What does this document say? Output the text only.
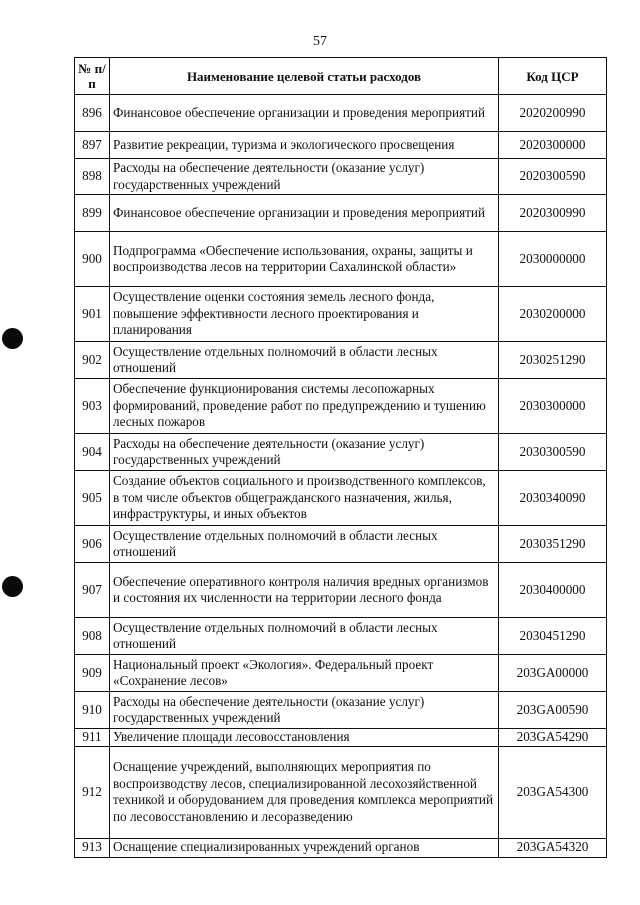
57
№ п/п	Наименование целевой статьи расходов	Код ЦСР
896	Финансовое обеспечение организации и проведения мероприятий	2020200990
897	Развитие рекреации, туризма и экологического просвещения	2020300000
898	Расходы на обеспечение деятельности (оказание услуг) государственных учреждений	2020300590
899	Финансовое обеспечение организации и проведения мероприятий	2020300990
900	Подпрограмма «Обеспечение использования, охраны, защиты и воспроизводства лесов на территории Сахалинской области»	2030000000
901	Осуществление оценки состояния земель лесного фонда, повышение эффективности лесного проектирования и планирования	2030200000
902	Осуществление отдельных полномочий в области лесных отношений	2030251290
903	Обеспечение функционирования системы лесопожарных формирований, проведение работ по предупреждению и тушению лесных пожаров	2030300000
904	Расходы на обеспечение деятельности (оказание услуг) государственных учреждений	2030300590
905	Создание объектов социального и производственного комплексов, в том числе объектов общегражданского назначения, жилья, инфраструктуры, и иных объектов	2030340090
906	Осуществление отдельных полномочий в области лесных отношений	2030351290
907	Обеспечение оперативного контроля наличия вредных организмов и состояния их численности на территории лесного фонда	2030400000
908	Осуществление отдельных полномочий в области лесных отношений	2030451290
909	Национальный проект «Экология». Федеральный проект «Сохранение лесов»	203GA00000
910	Расходы на обеспечение деятельности (оказание услуг) государственных учреждений	203GA00590
911	Увеличение площади лесовосстановления	203GA54290
912	Оснащение учреждений, выполняющих мероприятия по воспроизводству лесов, специализированной лесохозяйственной техникой и оборудованием для проведения комплекса мероприятий по лесовосстановлению и лесоразведению	203GA54300
913	Оснащение специализированных учреждений органов	203GA54320
